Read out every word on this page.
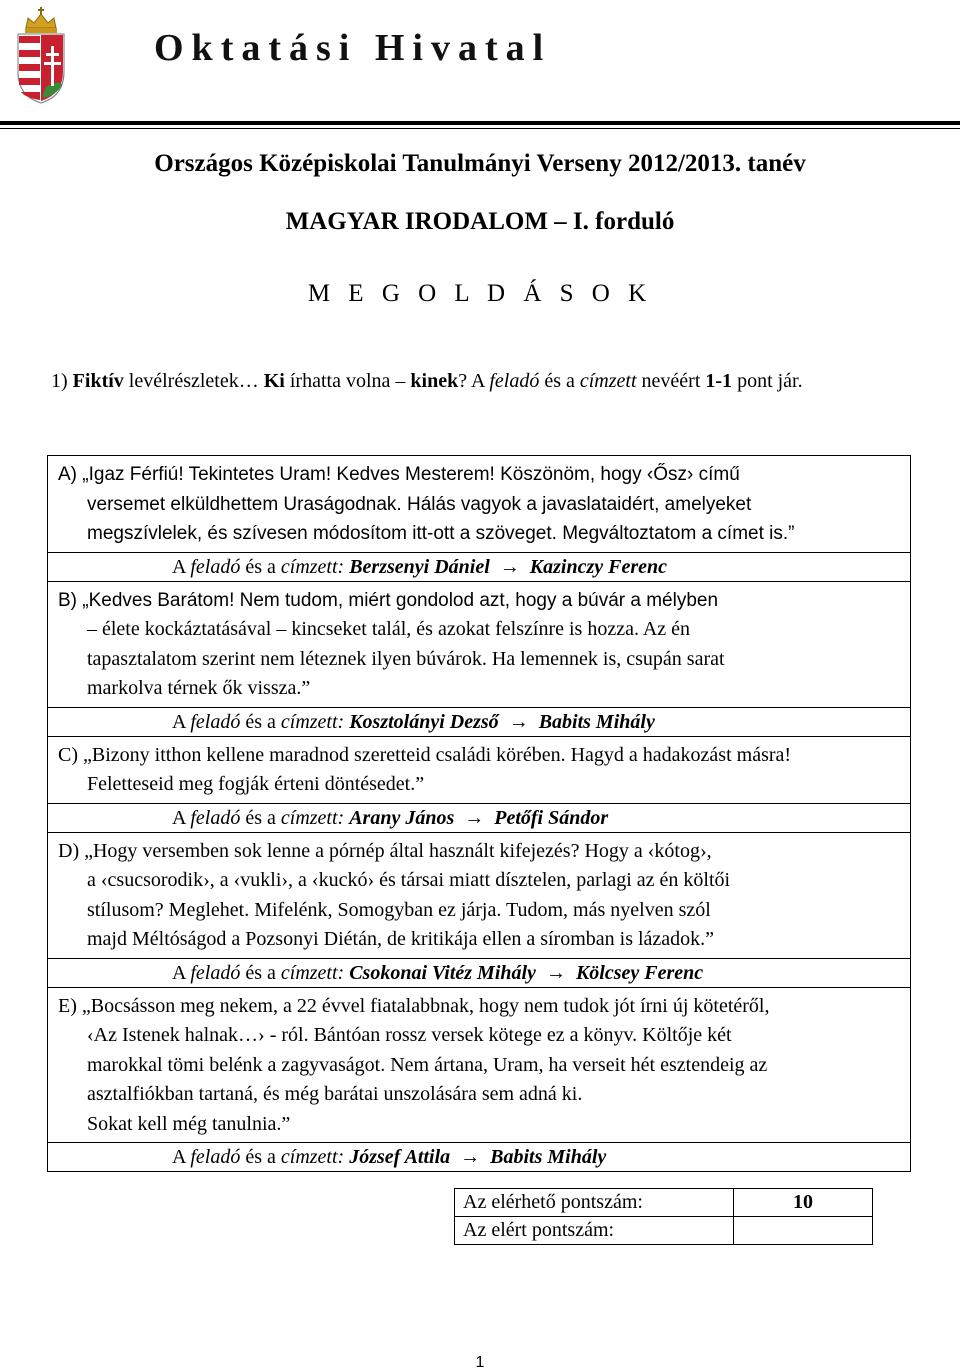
Oktatási Hivatal
Országos Középiskolai Tanulmányi Verseny 2012/2013. tanév
MAGYAR IRODALOM – I. forduló
M E G O L D Á S O K
1) Fiktív levélrészletek… Ki írhatta volna – kinek? A feladó és a címzett nevéért 1-1 pont jár.
A) „Igaz Férfiú! Tekintetes Uram! Kedves Mesterem! Köszönöm, hogy ‹Ősz› című
versemet elküldhettem Uraságodnak. Hálás vagyok a javaslataidért, amelyeket
megszívlelek, és szívesen módosítom itt-ott a szöveget. Megváltoztatom a címet is.”

A feladó és a címzett: Berzsenyi Dániel → Kazinczy Ferenc

B) „Kedves Barátom! Nem tudom, miért gondolod azt, hogy a búvár a mélyben
– élete kockáztatásával – kincseket talál, és azokat felszínre is hozza. Az én
tapasztalatom szerint nem léteznek ilyen búvárok. Ha lemennek is, csupán sarat
markolva térnek ők vissza.”

A feladó és a címzett: Kosztolányi Dezső → Babits Mihály

C) „Bizony itthon kellene maradnod szeretteid családi körében. Hagyd a hadakozást másra!
Feletteseid meg fogják érteni döntésedet.”

A feladó és a címzett: Arany János → Petőfi Sándor

D) „Hogy versemben sok lenne a pórnép által használt kifejezés? Hogy a ‹kótog›,
a ‹csucsorodik›, a ‹vukli›, a ‹kuckó› és társai miatt dísztelen, parlagi az én költői
stílusom? Meglehet. Mifelénk, Somogyban ez járja. Tudom, más nyelven szól
majd Méltóságod a Pozsonyi Diétán, de kritikája ellen a síromban is lázadok.”

A feladó és a címzett: Csokonai Vitéz Mihály → Kölcsey Ferenc

E) „Bocsásson meg nekem, a 22 évvel fiatalabbnak, hogy nem tudok jót írni új kötetéről,
‹Az Istenek halnak…› - ról. Bántóan rossz versek kötege ez a könyv. Költője két
marokkal tömi belénk a zagyvaságot. Nem ártana, Uram, ha verseit hét esztendeig az
asztalfiókban tartaná, és még barátai unszolására sem adná ki.
Sokat kell még tanulnia.”

A feladó és a címzett: József Attila → Babits Mihály
Az elérhető pontszám:	10
Az elért pontszám:	
1
